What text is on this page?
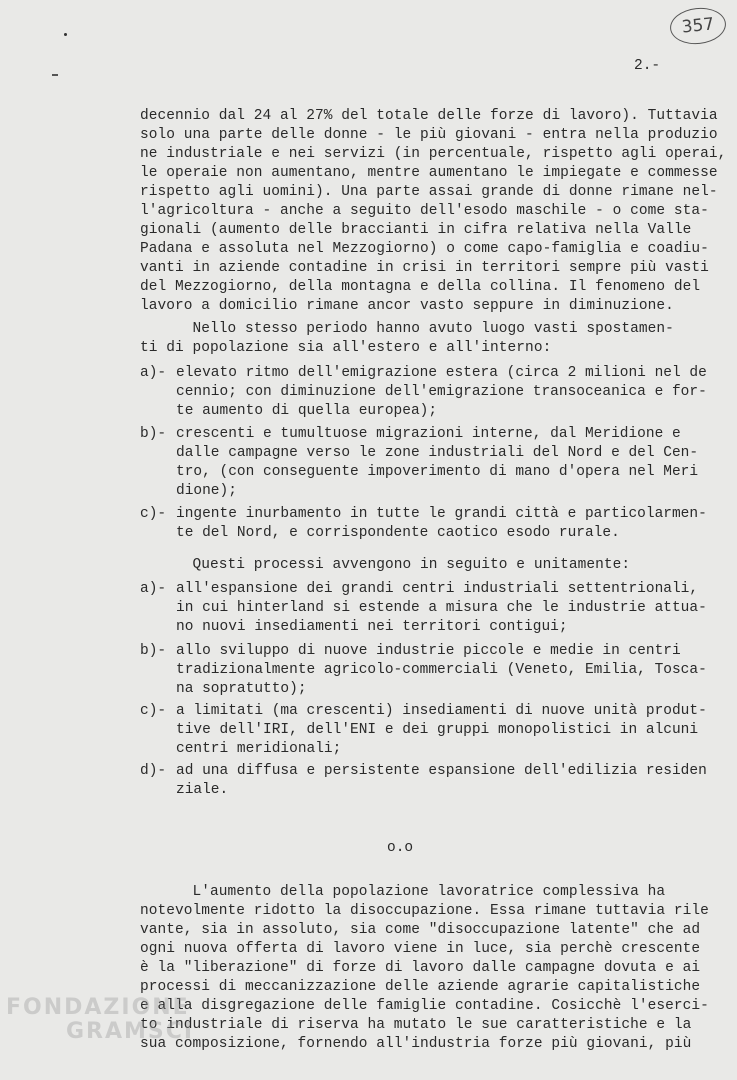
357
2.-
decennio dal 24 al 27% del totale delle forze di lavoro). Tuttavia
solo una parte delle donne - le più giovani - entra nella produzio
ne industriale e nei servizi (in percentuale, rispetto agli operai,
le operaie non aumentano, mentre aumentano le impiegate e commesse
rispetto agli uomini). Una parte assai grande di donne rimane nel-
l'agricoltura - anche a seguito dell'esodo maschile - o come sta-
gionali (aumento delle braccianti in cifra relativa nella Valle
Padana e assoluta nel Mezzogiorno) o come capo-famiglia e coadiu-
vanti in aziende contadine in crisi in territori sempre più vasti
del Mezzogiorno, della montagna e della collina. Il fenomeno del
lavoro a domicilio rimane ancor vasto seppure in diminuzione.
Nello stesso periodo hanno avuto luogo vasti spostamen-
ti di popolazione sia all'estero e all'interno:
a)- elevato ritmo dell'emigrazione estera (circa 2 milioni nel de
cennio; con diminuzione dell'emigrazione transoceanica e for-
te aumento di quella europea);
b)- crescenti e tumultuose migrazioni interne, dal Meridione e
dalle campagne verso le zone industriali del Nord e del Cen-
tro, (con conseguente impoverimento di mano d'opera nel Meri
dione);
c)- ingente inurbamento in tutte le grandi città e particolarmen-
te del Nord, e corrispondente caotico esodo rurale.
Questi processi avvengono in seguito e unitamente:
a)- all'espansione dei grandi centri industriali settentrionali,
in cui hinterland si estende a misura che le industrie attua-
no nuovi insediamenti nei territori contigui;
b)- allo sviluppo di nuove industrie piccole e medie in centri
tradizionalmente agricolo-commerciali (Veneto, Emilia, Tosca-
na sopratutto);
c)- a limitati (ma crescenti) insediamenti di nuove unità produt-
tive dell'IRI, dell'ENI e dei gruppi monopolistici in alcuni
centri meridionali;
d)- ad una diffusa e persistente espansione dell'edilizia residen
ziale.
o.o
L'aumento della popolazione lavoratrice complessiva ha
notevolmente ridotto la disoccupazione. Essa rimane tuttavia rile
vante, sia in assoluto, sia come "disoccupazione latente" che ad
ogni nuova offerta di lavoro viene in luce, sia perchè crescente
è la "liberazione" di forze di lavoro dalle campagne dovuta e ai
processi di meccanizzazione delle aziende agrarie capitalistiche
e alla disgregazione delle famiglie contadine. Cosicchè l'eserci-
to industriale di riserva ha mutato le sue caratteristiche e la
sua composizione, fornendo all'industria forze più giovani, più
FONDAZIONE
GRAMSCI
